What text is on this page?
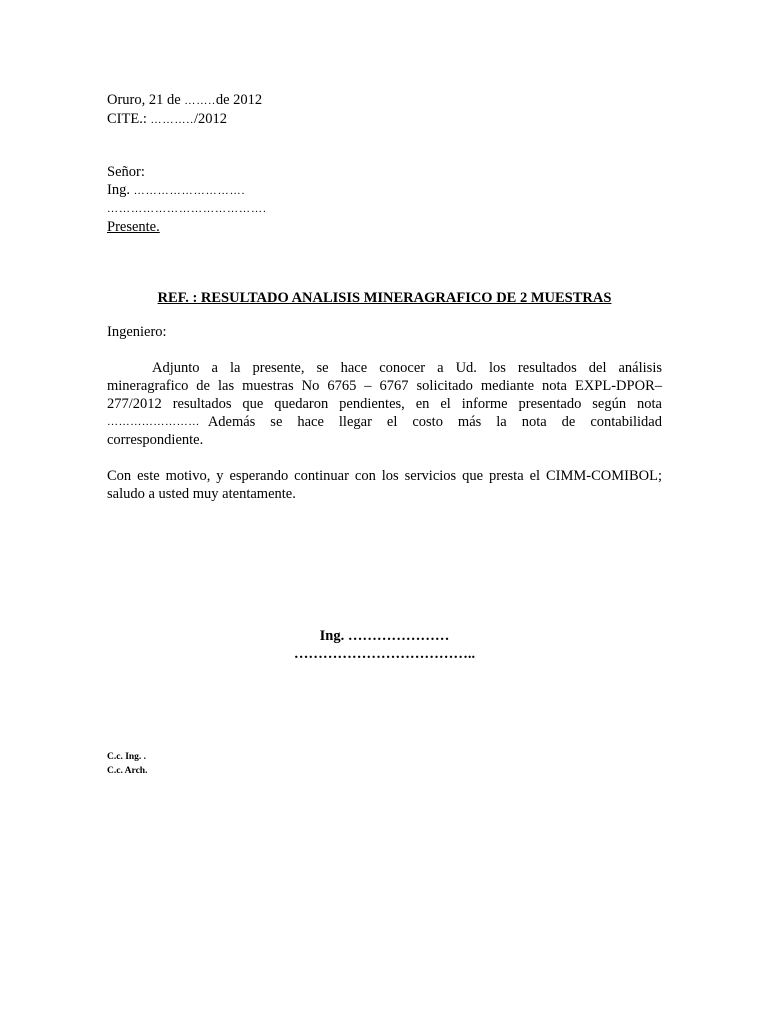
Oruro, 21 de ……..de 2012
CITE.: ………../2012
Señor:
Ing. ……………………….
………………………………….
Presente.
REF. : RESULTADO ANALISIS MINERAGRAFICO DE 2 MUESTRAS
Ingeniero:
Adjunto a la presente, se hace conocer a Ud. los resultados del análisis
mineragrafico de las muestras No 6765 – 6767 solicitado mediante nota EXPL-DPOR–
277/2012 resultados que quedaron pendientes, en el informe presentado según nota
…………………… Además se hace llegar el costo más la nota de contabilidad
correspondiente.
Con este motivo, y esperando continuar con los servicios que presta el CIMM-COMIBOL;
saludo a usted muy atentamente.
Ing. …………………
………………………………..
C.c. Ing. .
C.c. Arch.
